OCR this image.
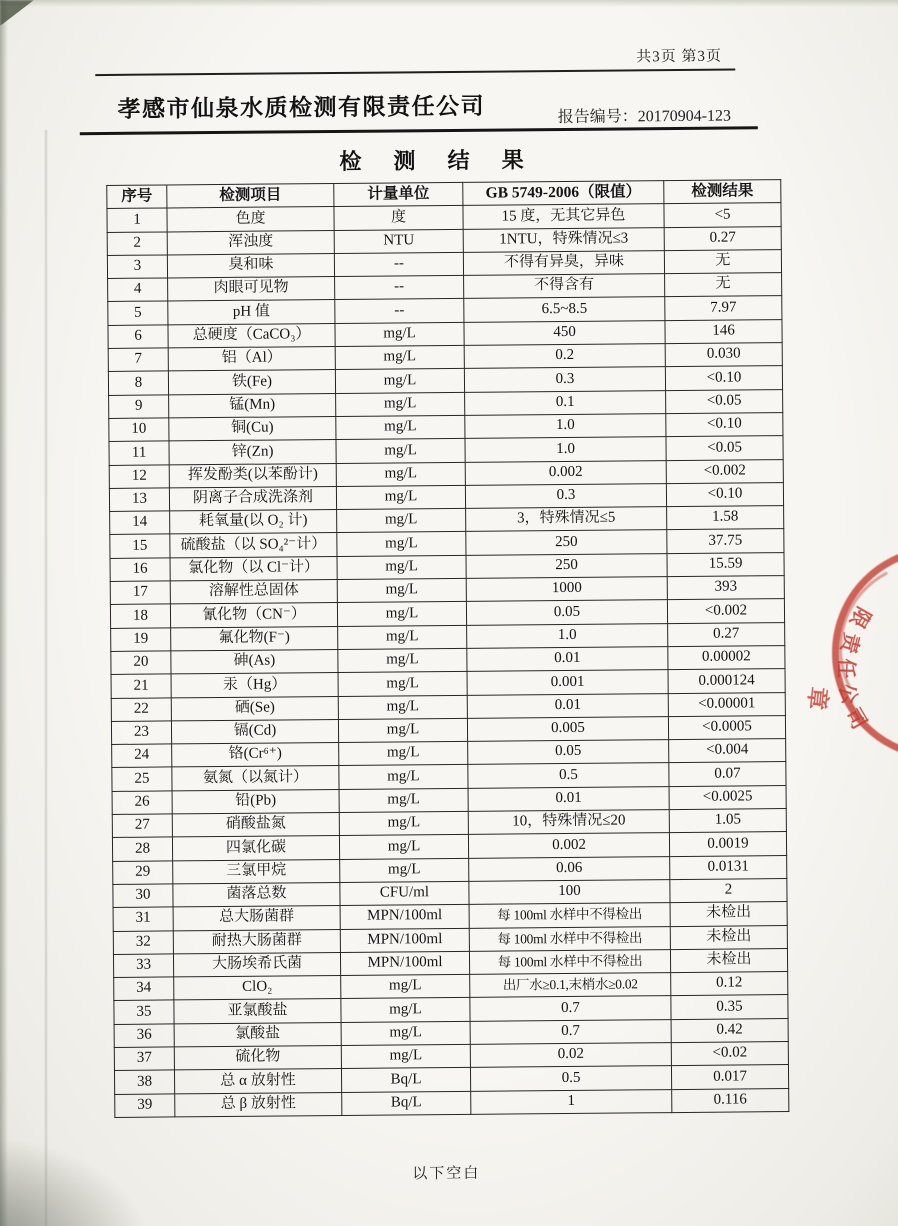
共3页 第3页
孝感市仙泉水质检测有限责任公司	报告编号：20170904-123
检 测 结 果
序号	检测项目	计量单位	GB 5749-2006（限值）	检测结果
1	色度	度	15 度，无其它异色	<5
2	浑浊度	NTU	1NTU，特殊情况≤3	0.27
3	臭和味	--	不得有异臭，异味	无
4	肉眼可见物	--	不得含有	无
5	pH 值	--	6.5~8.5	7.97
6	总硬度（CaCO₃）	mg/L	450	146
7	铝（Al）	mg/L	0.2	0.030
8	铁(Fe)	mg/L	0.3	<0.10
9	锰(Mn)	mg/L	0.1	<0.05
10	铜(Cu)	mg/L	1.0	<0.10
11	锌(Zn)	mg/L	1.0	<0.05
12	挥发酚类(以苯酚计)	mg/L	0.002	<0.002
13	阴离子合成洗涤剂	mg/L	0.3	<0.10
14	耗氧量(以 O₂ 计)	mg/L	3，特殊情况≤5	1.58
15	硫酸盐（以 SO₄²⁻计）	mg/L	250	37.75
16	氯化物（以 Cl⁻计）	mg/L	250	15.59
17	溶解性总固体	mg/L	1000	393
18	氰化物（CN⁻）	mg/L	0.05	<0.002
19	氟化物(F⁻)	mg/L	1.0	0.27
20	砷(As)	mg/L	0.01	0.00002
21	汞（Hg）	mg/L	0.001	0.000124
22	硒(Se)	mg/L	0.01	<0.00001
23	镉(Cd)	mg/L	0.005	<0.0005
24	铬(Cr⁶⁺)	mg/L	0.05	<0.004
25	氨氮（以氮计）	mg/L	0.5	0.07
26	铅(Pb)	mg/L	0.01	<0.0025
27	硝酸盐氮	mg/L	10，特殊情况≤20	1.05
28	四氯化碳	mg/L	0.002	0.0019
29	三氯甲烷	mg/L	0.06	0.0131
30	菌落总数	CFU/ml	100	2
31	总大肠菌群	MPN/100ml	每 100ml 水样中不得检出	未检出
32	耐热大肠菌群	MPN/100ml	每 100ml 水样中不得检出	未检出
33	大肠埃希氏菌	MPN/100ml	每 100ml 水样中不得检出	未检出
34	ClO₂	mg/L	出厂水≥0.1,末梢水≥0.02	0.12
35	亚氯酸盐	mg/L	0.7	0.35
36	氯酸盐	mg/L	0.7	0.42
37	硫化物	mg/L	0.02	<0.02
38	总 α 放射性	Bq/L	0.5	0.017
39	总 β 放射性	Bq/L	1	0.116
以下空白
章
限
责
任
公
司
